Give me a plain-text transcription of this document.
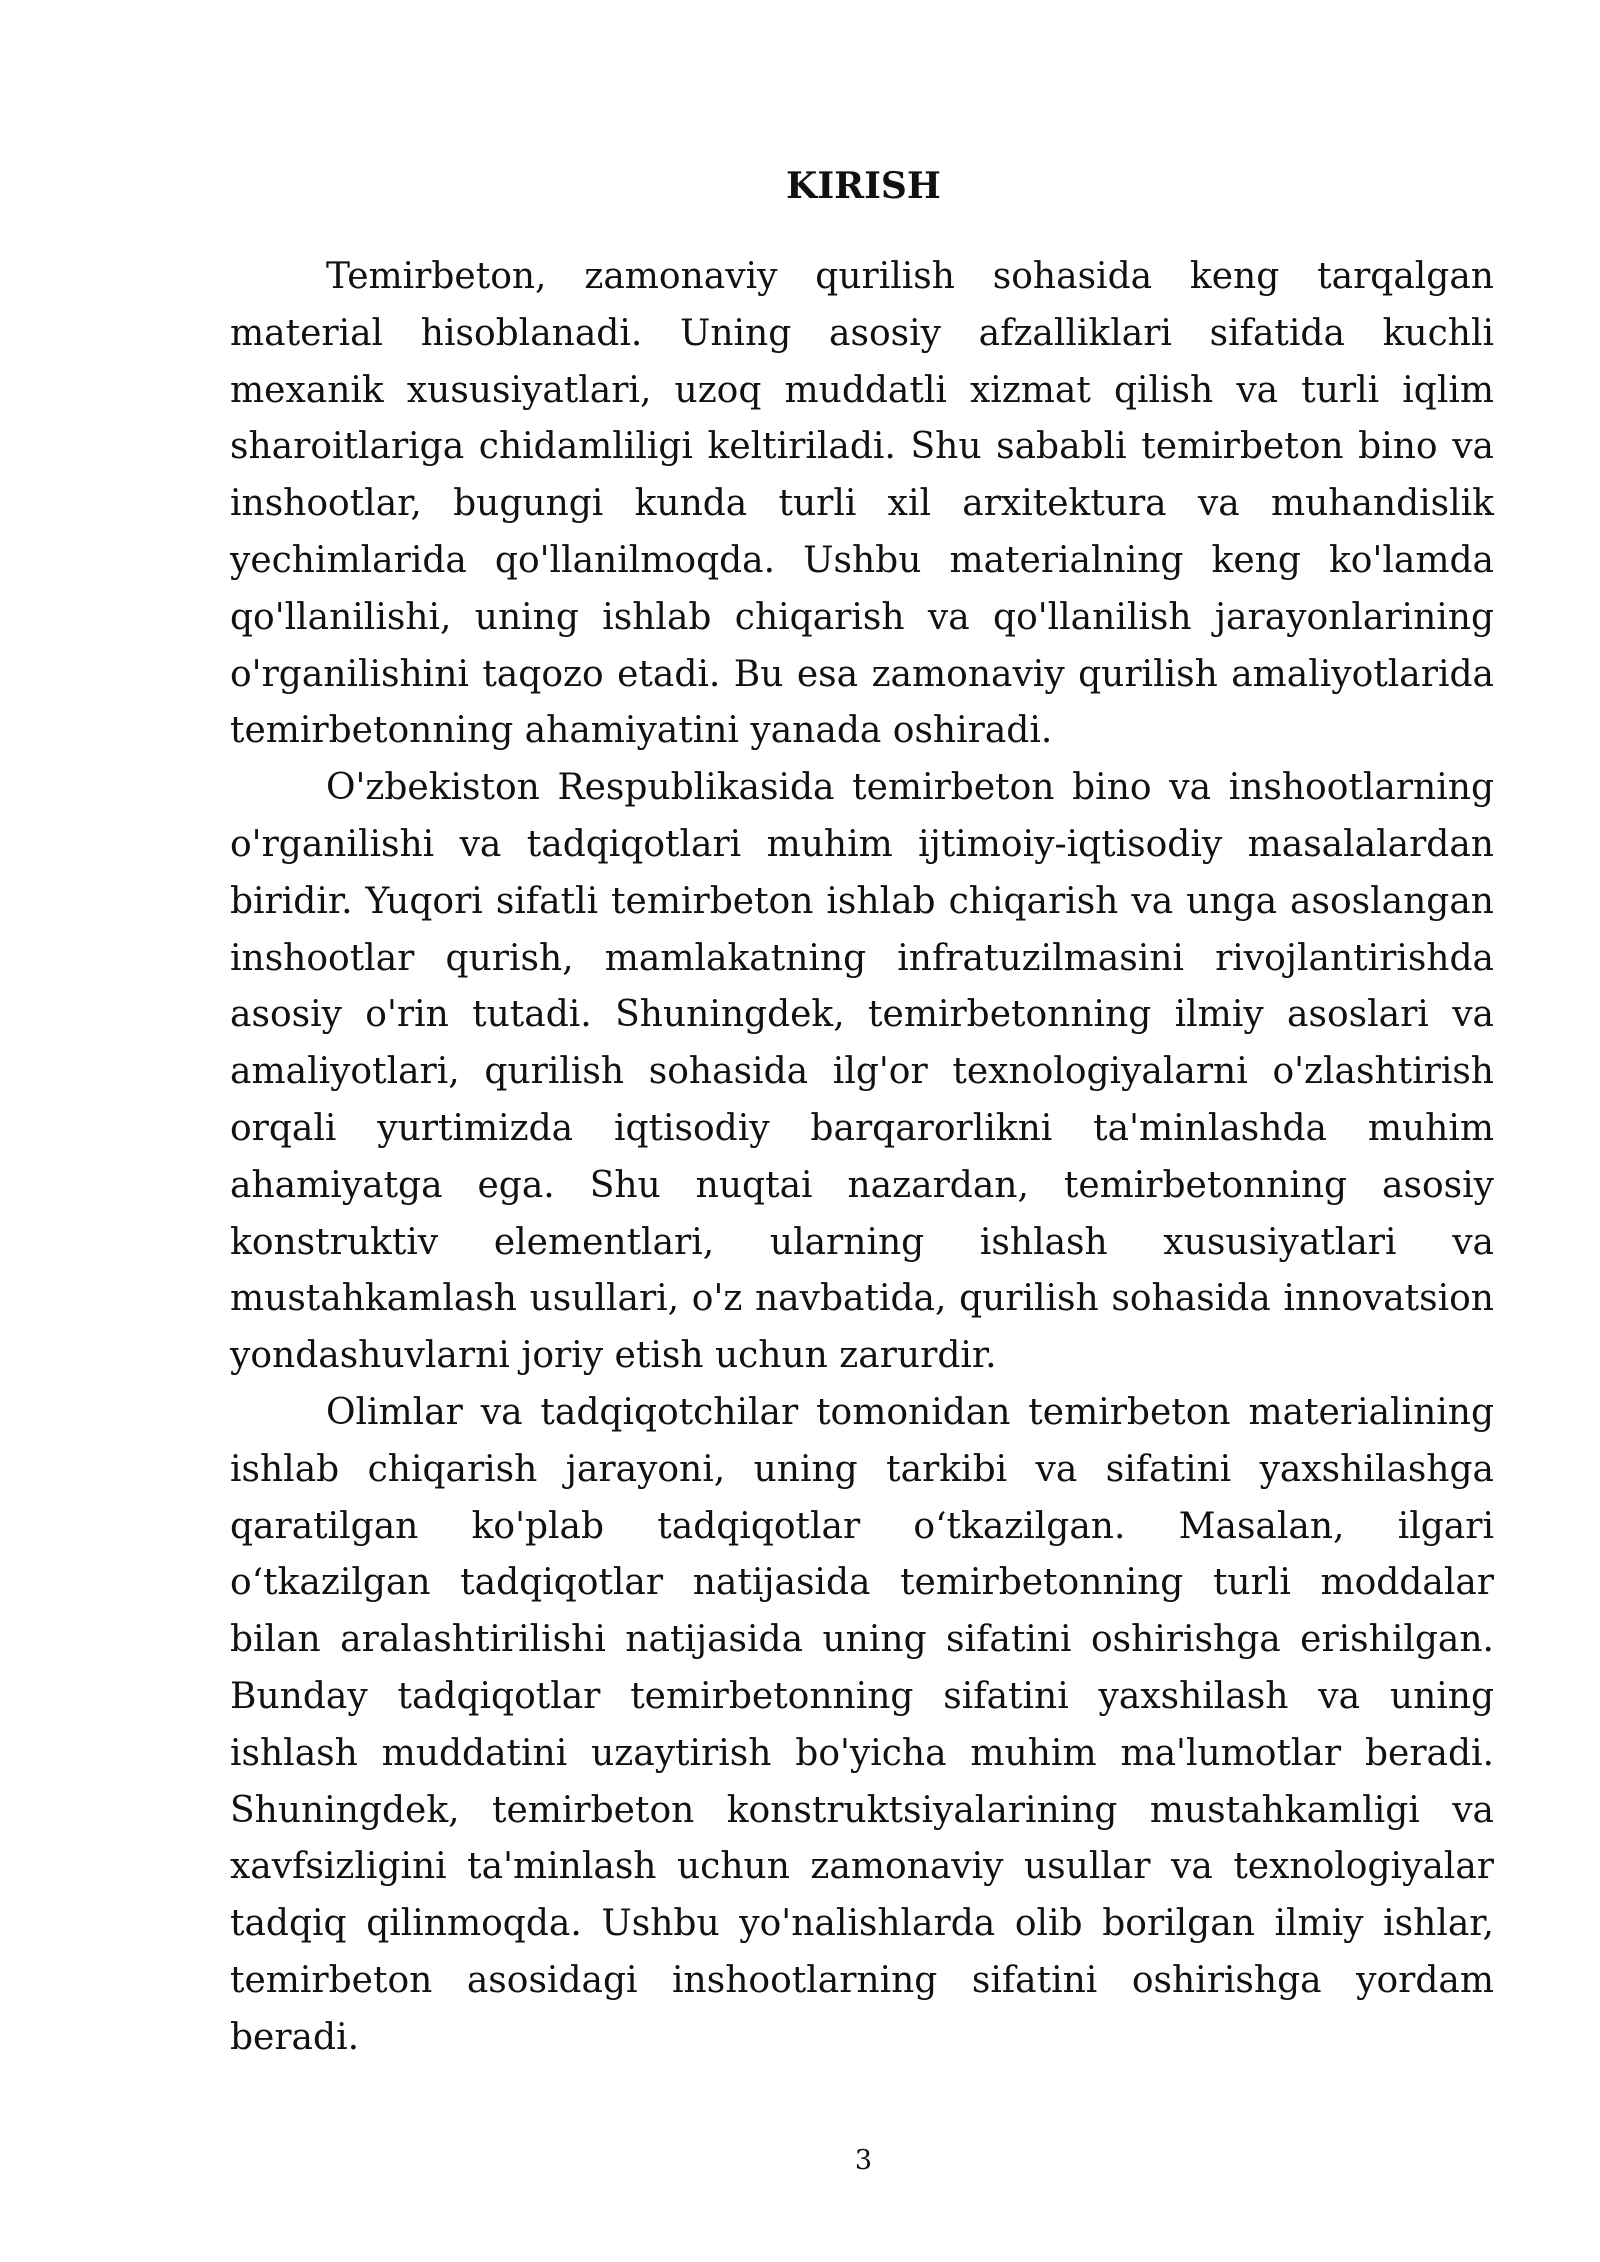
KIRISH

Temirbeton, zamonaviy qurilish sohasida keng tarqalgan material hisoblanadi. Uning asosiy afzalliklari sifatida kuchli mexanik xususiyatlari, uzoq muddatli xizmat qilish va turli iqlim sharoitlariga chidamliligi keltiriladi. Shu sababli temirbeton bino va inshootlar, bugungi kunda turli xil arxitektura va muhandislik yechimlarida qo'llanilmoqda. Ushbu materialning keng ko'lamda qo'llanilishi, uning ishlab chiqarish va qo'llanilish jarayonlarining o'rganilishini taqozo etadi. Bu esa zamonaviy qurilish amaliyotlarida temirbetonning ahamiyatini yanada oshiradi.

O'zbekiston Respublikasida temirbeton bino va inshootlarning o'rganilishi va tadqiqotlari muhim ijtimoiy-iqtisodiy masalalardan biridir. Yuqori sifatli temirbeton ishlab chiqarish va unga asoslangan inshootlar qurish, mamlakatning infratuzilmasini rivojlantirishda asosiy o'rin tutadi. Shuningdek, temirbetonning ilmiy asoslari va amaliyotlari, qurilish sohasida ilg'or texnologiyalarni o'zlashtirish orqali yurtimizda iqtisodiy barqarorlikni ta'minlashda muhim ahamiyatga ega. Shu nuqtai nazardan, temirbetonning asosiy konstruktiv elementlari, ularning ishlash xususiyatlari va mustahkamlash usullari, o'z navbatida, qurilish sohasida innovatsion yondashuvlarni joriy etish uchun zarurdir.

Olimlar va tadqiqotchilar tomonidan temirbeton materialining ishlab chiqarish jarayoni, uning tarkibi va sifatini yaxshilashga qaratilgan ko'plab tadqiqotlar o‘tkazilgan. Masalan, ilgari o‘tkazilgan tadqiqotlar natijasida temirbetonning turli moddalar bilan aralashtirilishi natijasida uning sifatini oshirishga erishilgan. Bunday tadqiqotlar temirbetonning sifatini yaxshilash va uning ishlash muddatini uzaytirish bo'yicha muhim ma'lumotlar beradi. Shuningdek, temirbeton konstruktsiyalarining mustahkamligi va xavfsizligini ta'minlash uchun zamonaviy usullar va texnologiyalar tadqiq qilinmoqda. Ushbu yo'nalishlarda olib borilgan ilmiy ishlar, temirbeton asosidagi inshootlarning sifatini oshirishga yordam beradi.

3
